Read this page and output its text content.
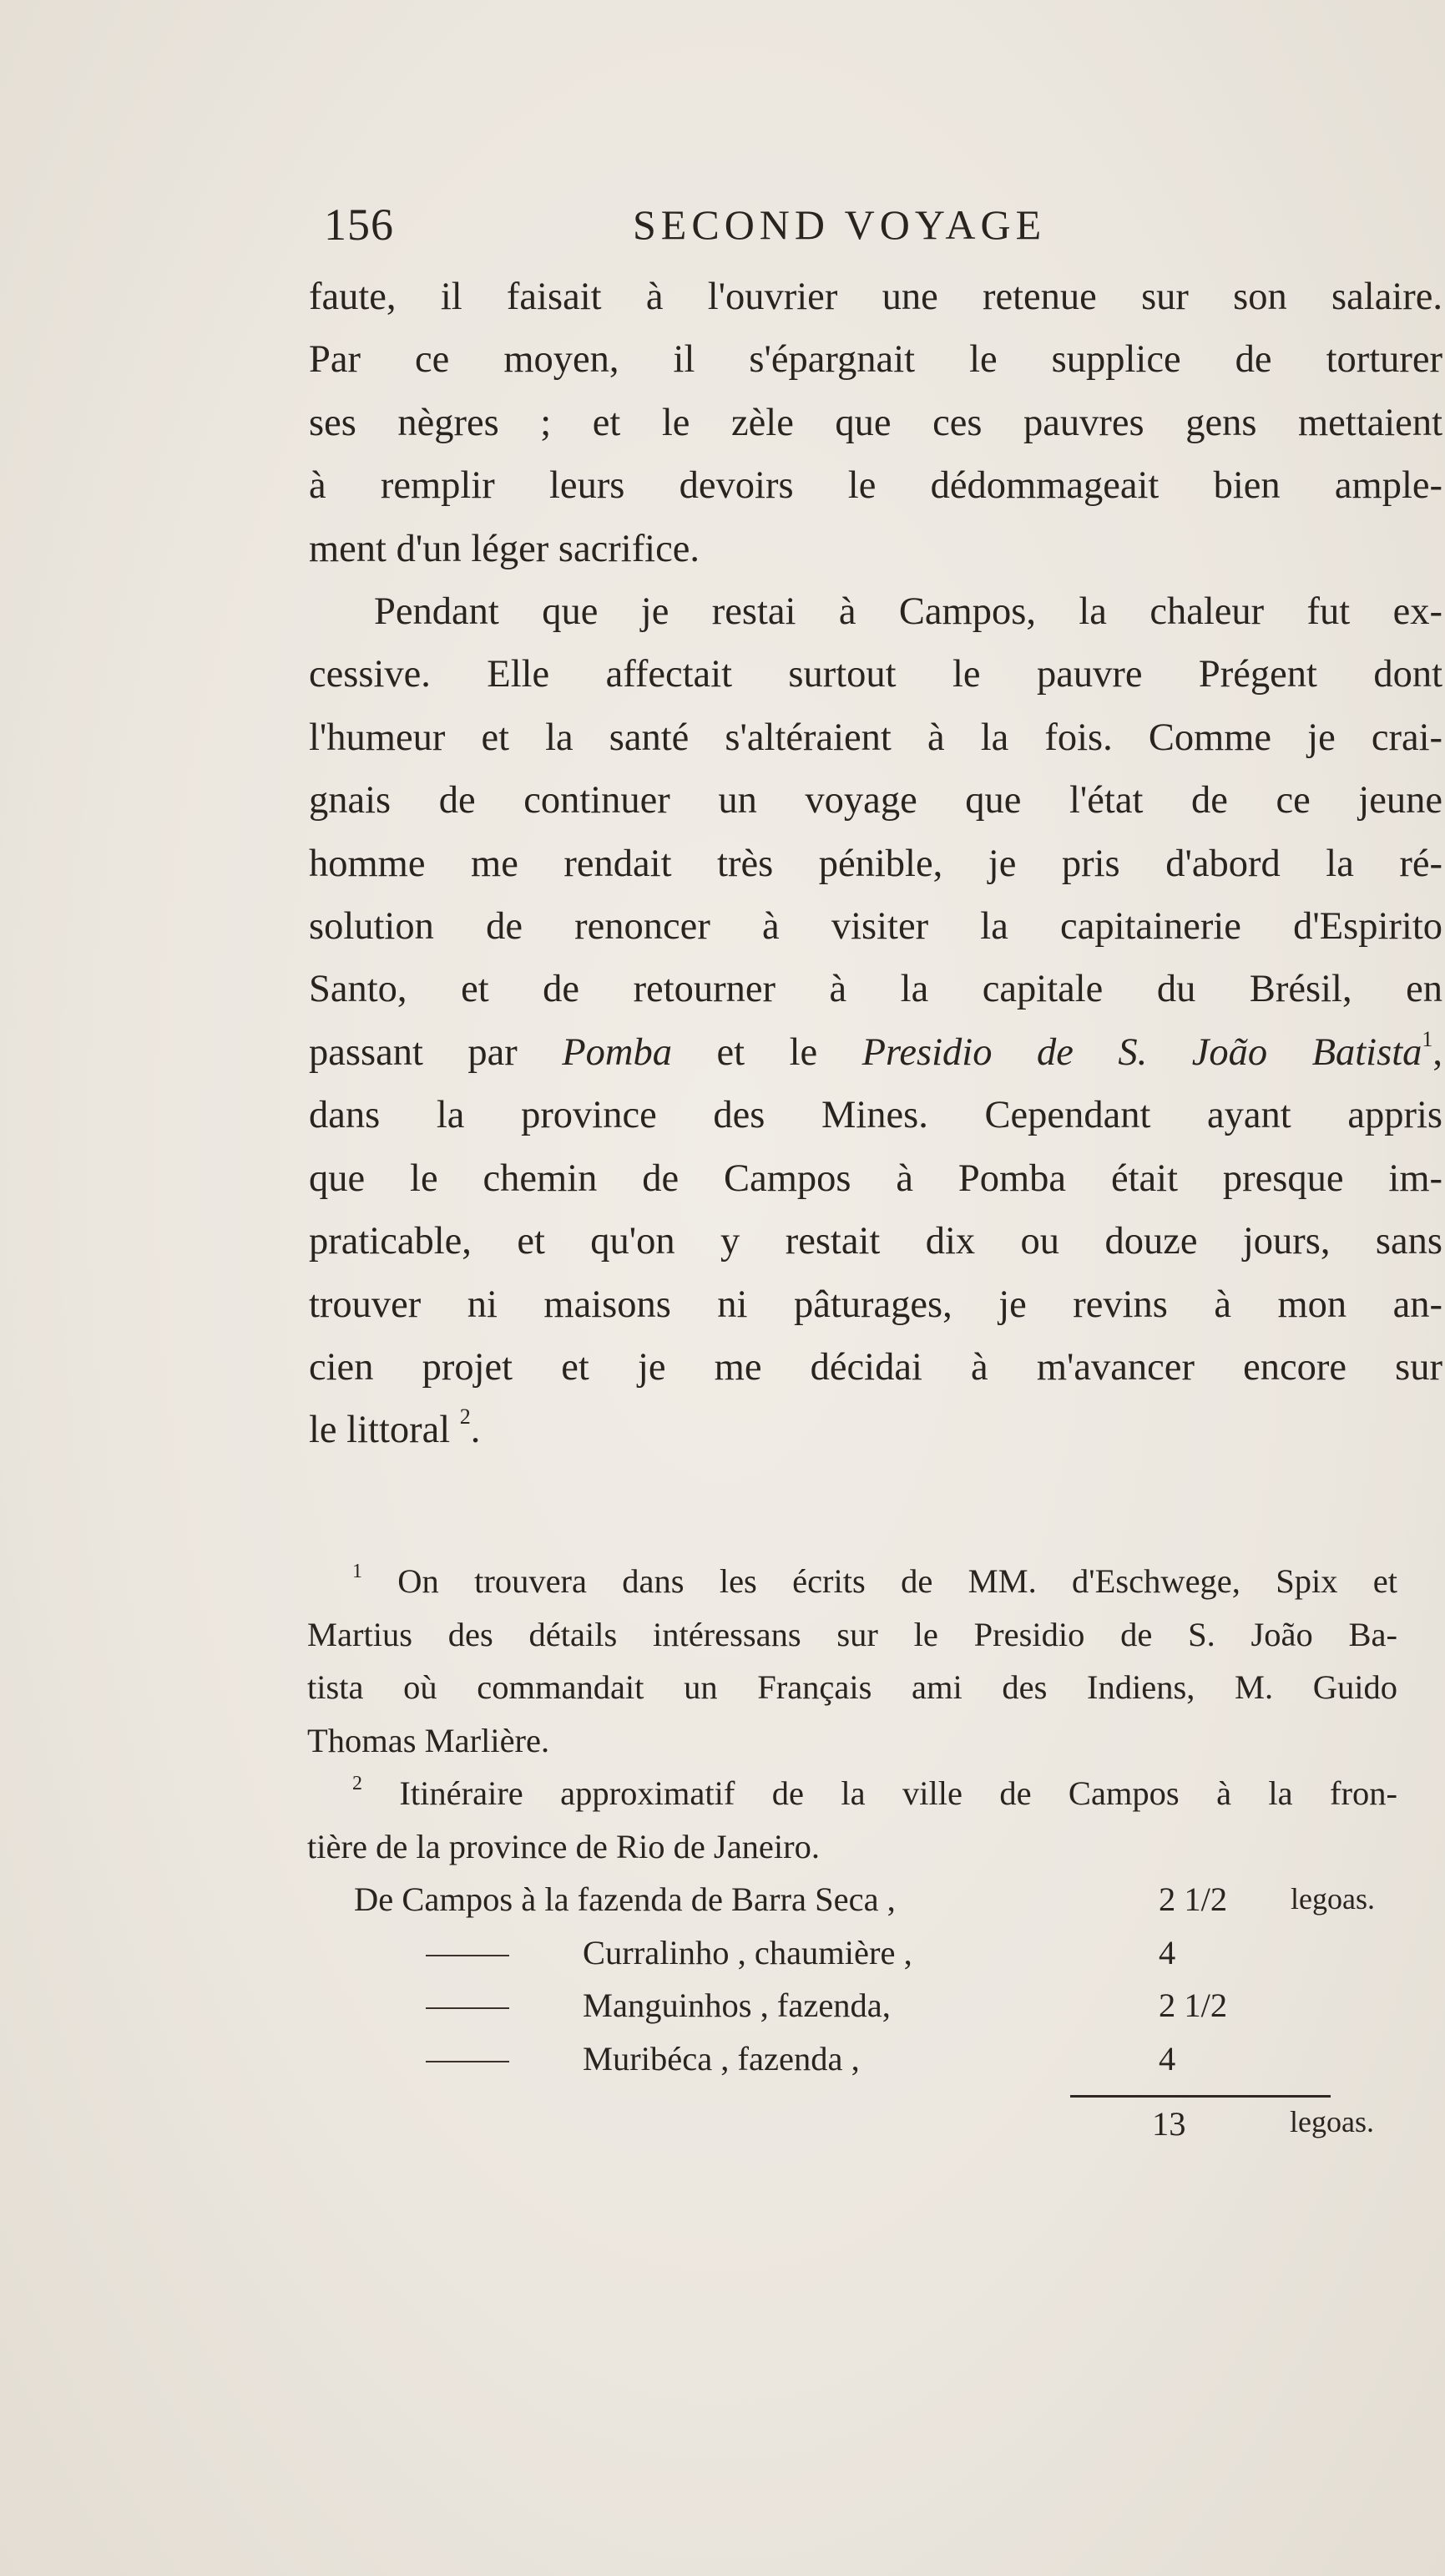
156	SECOND VOYAGE
faute, il faisait à l'ouvrier une retenue sur son salaire.
Par ce moyen, il s'épargnait le supplice de torturer
ses nègres ; et le zèle que ces pauvres gens mettaient
à remplir leurs devoirs le dédommageait bien ample-
ment d'un léger sacrifice.
Pendant que je restai à Campos, la chaleur fut ex-
cessive. Elle affectait surtout le pauvre Prégent dont
l'humeur et la santé s'altéraient à la fois. Comme je crai-
gnais de continuer un voyage que l'état de ce jeune
homme me rendait très pénible, je pris d'abord la ré-
solution de renoncer à visiter la capitainerie d'Espirito
Santo, et de retourner à la capitale du Brésil, en
passant par Pomba et le Presidio de S. João Batista$^1$,
dans la province des Mines. Cependant ayant appris
que le chemin de Campos à Pomba était presque im-
praticable, et qu'on y restait dix ou douze jours, sans
trouver ni maisons ni pâturages, je revins à mon an-
cien projet et je me décidai à m'avancer encore sur
le littoral $^2$.
$^1$ On trouvera dans les écrits de MM. d'Eschwege, Spix et
Martius des détails intéressans sur le Presidio de S. João Ba-
tista où commandait un Français ami des Indiens, M. Guido
Thomas Marlière.
$^2$ Itinéraire approximatif de la ville de Campos à la fron-
tière de la province de Rio de Janeiro.
De Campos à la fazenda de Barra Seca ,	2 1/2	legoas.
Curralinho , chaumière ,	4
Manguinhos , fazenda,	2 1/2
Muribéca , fazenda ,	4
13	legoas.
